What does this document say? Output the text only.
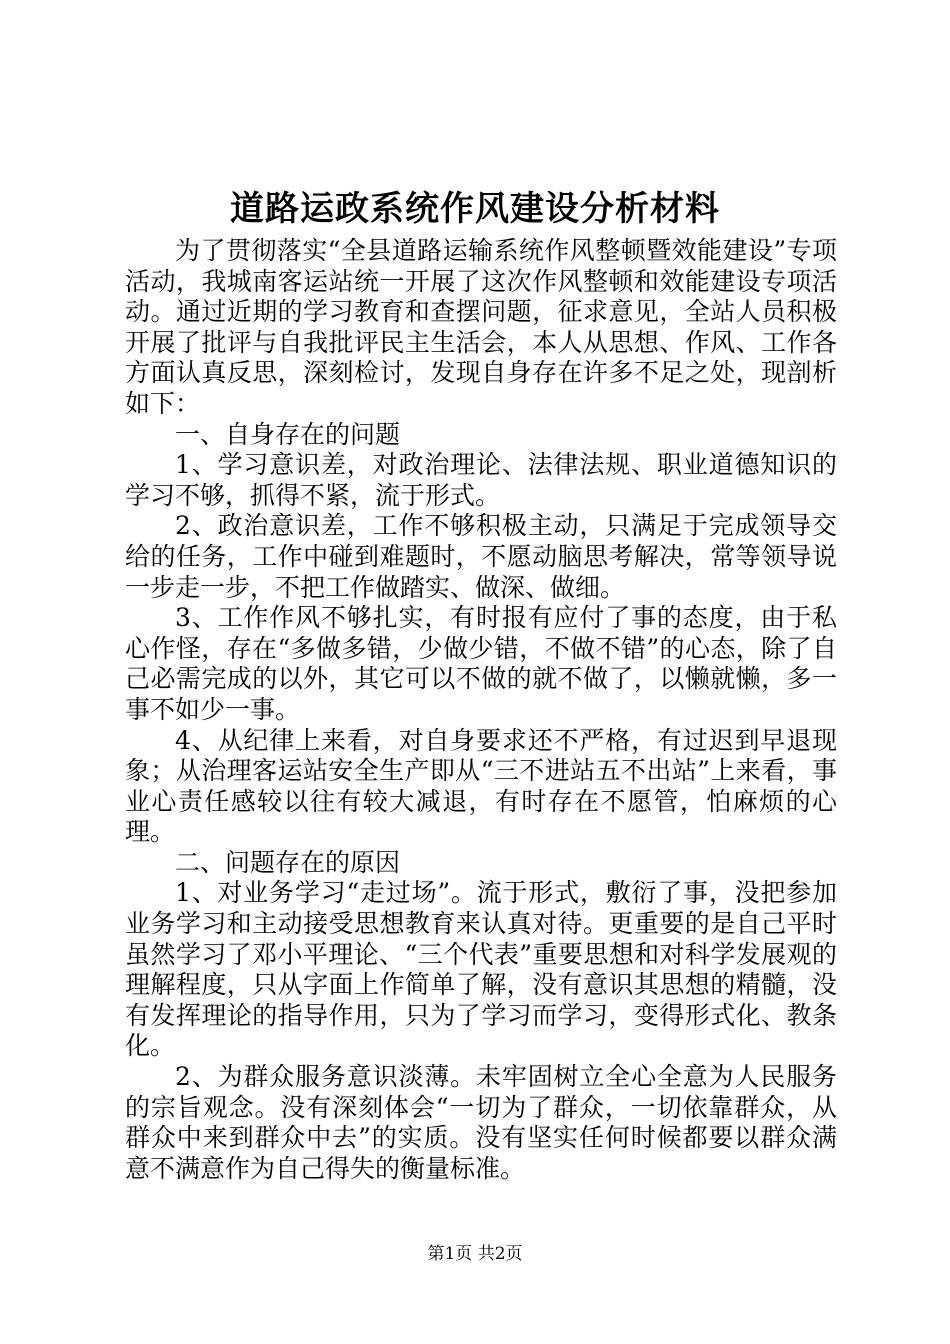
道路运政系统作风建设分析材料

为了贯彻落实“全县道路运输系统作风整顿暨效能建设”专项活动，我城南客运站统一开展了这次作风整顿和效能建设专项活动。通过近期的学习教育和查摆问题，征求意见，全站人员积极开展了批评与自我批评民主生活会，本人从思想、作风、工作各方面认真反思，深刻检讨，发现自身存在许多不足之处，现剖析如下：

一、自身存在的问题

1、学习意识差，对政治理论、法律法规、职业道德知识的学习不够，抓得不紧，流于形式。

2、政治意识差，工作不够积极主动，只满足于完成领导交给的任务，工作中碰到难题时，不愿动脑思考解决，常等领导说一步走一步，不把工作做踏实、做深、做细。

3、工作作风不够扎实，有时报有应付了事的态度，由于私心作怪，存在“多做多错，少做少错，不做不错”的心态，除了自己必需完成的以外，其它可以不做的就不做了，以懒就懒，多一事不如少一事。

4、从纪律上来看，对自身要求还不严格，有过迟到早退现象；从治理客运站安全生产即从“三不进站五不出站”上来看，事业心责任感较以往有较大减退，有时存在不愿管，怕麻烦的心理。

二、问题存在的原因

1、对业务学习“走过场”。流于形式，敷衍了事，没把参加业务学习和主动接受思想教育来认真对待。更重要的是自己平时虽然学习了邓小平理论、“三个代表”重要思想和对科学发展观的理解程度，只从字面上作简单了解，没有意识其思想的精髓，没有发挥理论的指导作用，只为了学习而学习，变得形式化、教条化。

2、为群众服务意识淡薄。未牢固树立全心全意为人民服务的宗旨观念。没有深刻体会“一切为了群众，一切依靠群众，从群众中来到群众中去”的实质。没有坚实任何时候都要以群众满意不满意作为自己得失的衡量标准。

第1页 共2页
